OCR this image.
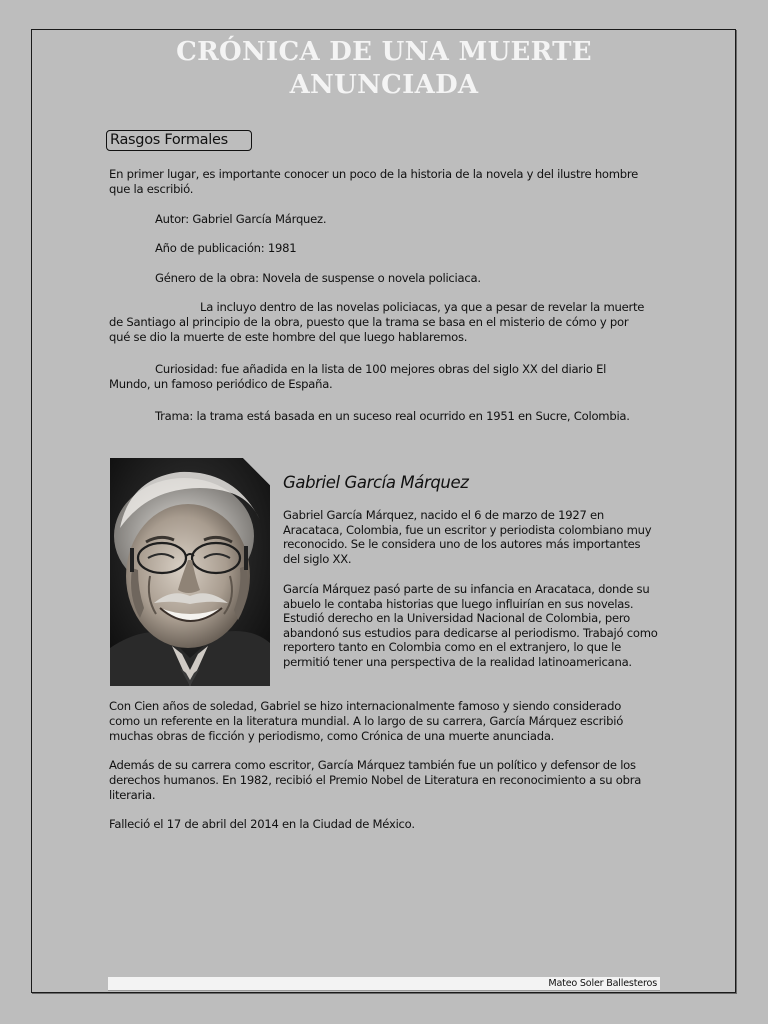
CRÓNICA DE UNA MUERTE
ANUNCIADA
Rasgos Formales
En primer lugar, es importante conocer un poco de la historia de la novela y del ilustre hombre que la escribió.
Autor: Gabriel García Márquez.
Año de publicación: 1981
Género de la obra: Novela de suspense o novela policiaca.
La incluyo dentro de las novelas policiacas, ya que a pesar de revelar la muerte de Santiago al principio de la obra, puesto que la trama se basa en el misterio de cómo y por qué se dio la muerte de este hombre del que luego hablaremos.
Curiosidad: fue añadida en la lista de 100 mejores obras del siglo XX del diario El Mundo, un famoso periódico de España.
Trama: la trama está basada en un suceso real ocurrido en 1951 en Sucre, Colombia.
Gabriel García Márquez
Gabriel García Márquez, nacido el 6 de marzo de 1927 en Aracataca, Colombia, fue un escritor y periodista colombiano muy reconocido. Se le considera uno de los autores más importantes del siglo XX.
García Márquez pasó parte de su infancia en Aracataca, donde su abuelo le contaba historias que luego influirían en sus novelas. Estudió derecho en la Universidad Nacional de Colombia, pero abandonó sus estudios para dedicarse al periodismo. Trabajó como reportero tanto en Colombia como en el extranjero, lo que le permitió tener una perspectiva de la realidad latinoamericana.
Con Cien años de soledad, Gabriel se hizo internacionalmente famoso y siendo considerado como un referente en la literatura mundial. A lo largo de su carrera, García Márquez escribió muchas obras de ficción y periodismo, como Crónica de una muerte anunciada.
Además de su carrera como escritor, García Márquez también fue un político y defensor de los derechos humanos. En 1982, recibió el Premio Nobel de Literatura en reconocimiento a su obra literaria.
Falleció el 17 de abril del 2014 en la Ciudad de México.
Mateo Soler Ballesteros
